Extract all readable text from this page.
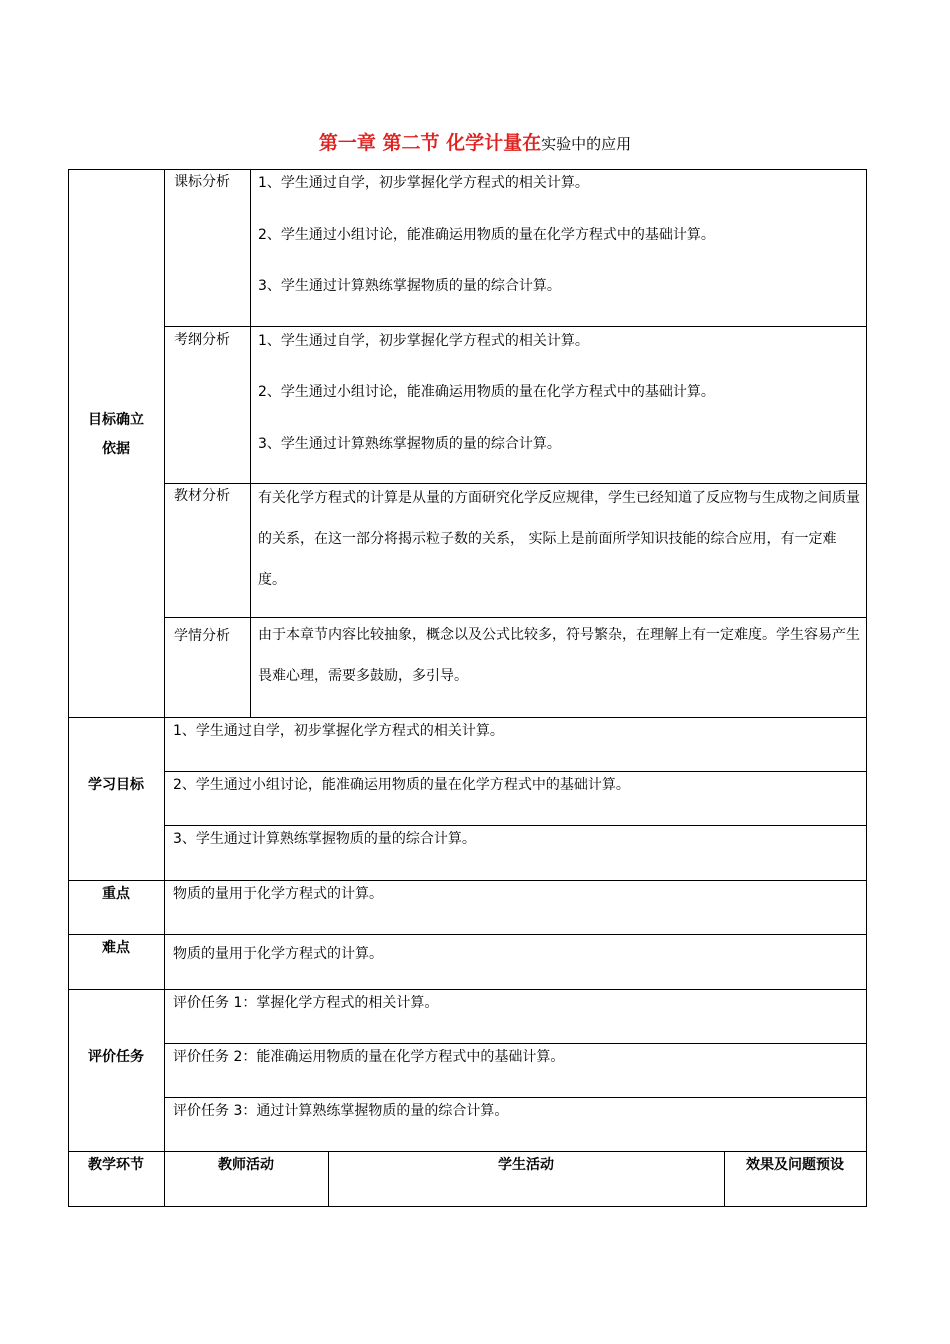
第一章 第二节 化学计量在实验中的应用
目标确立
依据
课标分析 1、学生通过自学，初步掌握化学方程式的相关计算。
2、学生通过小组讨论，能准确运用物质的量在化学方程式中的基础计算。
3、学生通过计算熟练掌握物质的量的综合计算。
考纲分析 1、学生通过自学，初步掌握化学方程式的相关计算。
2、学生通过小组讨论，能准确运用物质的量在化学方程式中的基础计算。
3、学生通过计算熟练掌握物质的量的综合计算。
教材分析 有关化学方程式的计算是从量的方面研究化学反应规律，学生已经知道了反应物与生成物之间质量的关系，在这一部分将揭示粒子数的关系， 实际上是前面所学知识技能的综合应用，有一定难度。
学情分析 由于本章节内容比较抽象，概念以及公式比较多，符号繁杂，在理解上有一定难度。学生容易产生畏难心理，需要多鼓励，多引导。
学习目标
1、学生通过自学，初步掌握化学方程式的相关计算。
2、学生通过小组讨论，能准确运用物质的量在化学方程式中的基础计算。
3、学生通过计算熟练掌握物质的量的综合计算。
重点	物质的量用于化学方程式的计算。
难点	物质的量用于化学方程式的计算。
评价任务
评价任务 1：掌握化学方程式的相关计算。
评价任务 2：能准确运用物质的量在化学方程式中的基础计算。
评价任务 3：通过计算熟练掌握物质的量的综合计算。
教学环节	教师活动	学生活动	效果及问题预设
